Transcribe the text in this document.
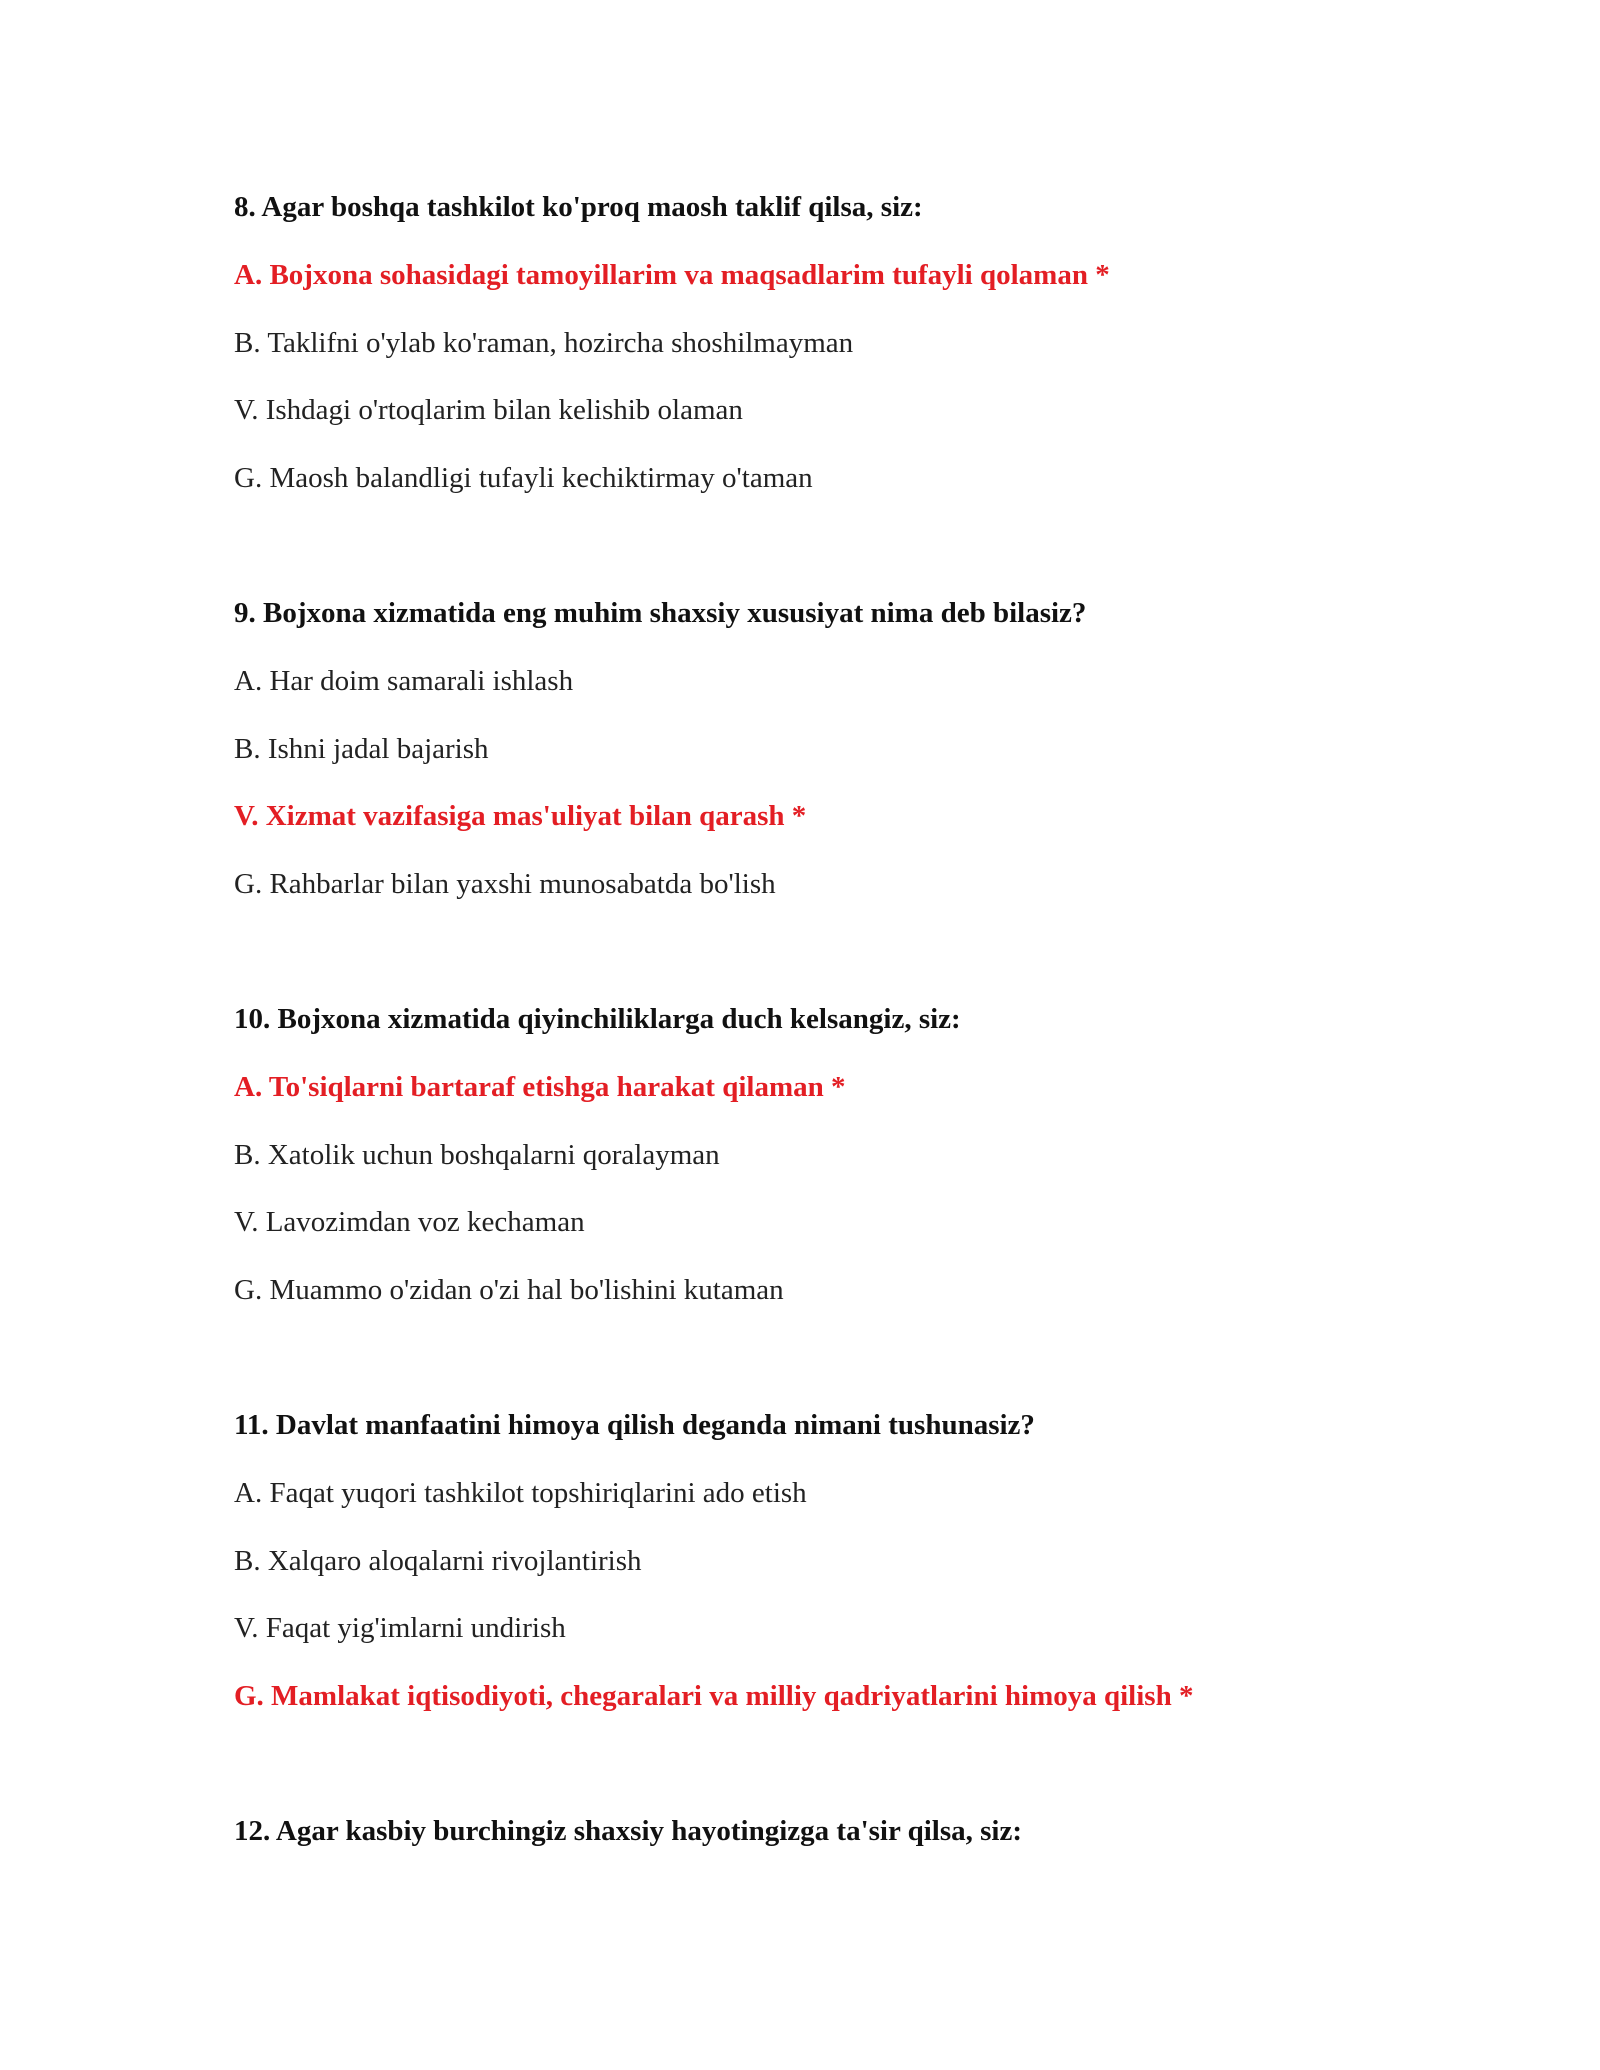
8. Agar boshqa tashkilot ko'proq maosh taklif qilsa, siz:
A. Bojxona sohasidagi tamoyillarim va maqsadlarim tufayli qolaman *
B. Taklifni o'ylab ko'raman, hozircha shoshilmayman
V. Ishdagi o'rtoqlarim bilan kelishib olaman
G. Maosh balandligi tufayli kechiktirmay o'taman
9. Bojxona xizmatida eng muhim shaxsiy xususiyat nima deb bilasiz?
A. Har doim samarali ishlash
B. Ishni jadal bajarish
V. Xizmat vazifasiga mas'uliyat bilan qarash *
G. Rahbarlar bilan yaxshi munosabatda bo'lish
10. Bojxona xizmatida qiyinchiliklarga duch kelsangiz, siz:
A. To'siqlarni bartaraf etishga harakat qilaman *
B. Xatolik uchun boshqalarni qoralayman
V. Lavozimdan voz kechaman
G. Muammo o'zidan o'zi hal bo'lishini kutaman
11. Davlat manfaatini himoya qilish deganda nimani tushunasiz?
A. Faqat yuqori tashkilot topshiriqlarini ado etish
B. Xalqaro aloqalarni rivojlantirish
V. Faqat yig'imlarni undirish
G. Mamlakat iqtisodiyoti, chegaralari va milliy qadriyatlarini himoya qilish *
12. Agar kasbiy burchingiz shaxsiy hayotingizga ta'sir qilsa, siz:
